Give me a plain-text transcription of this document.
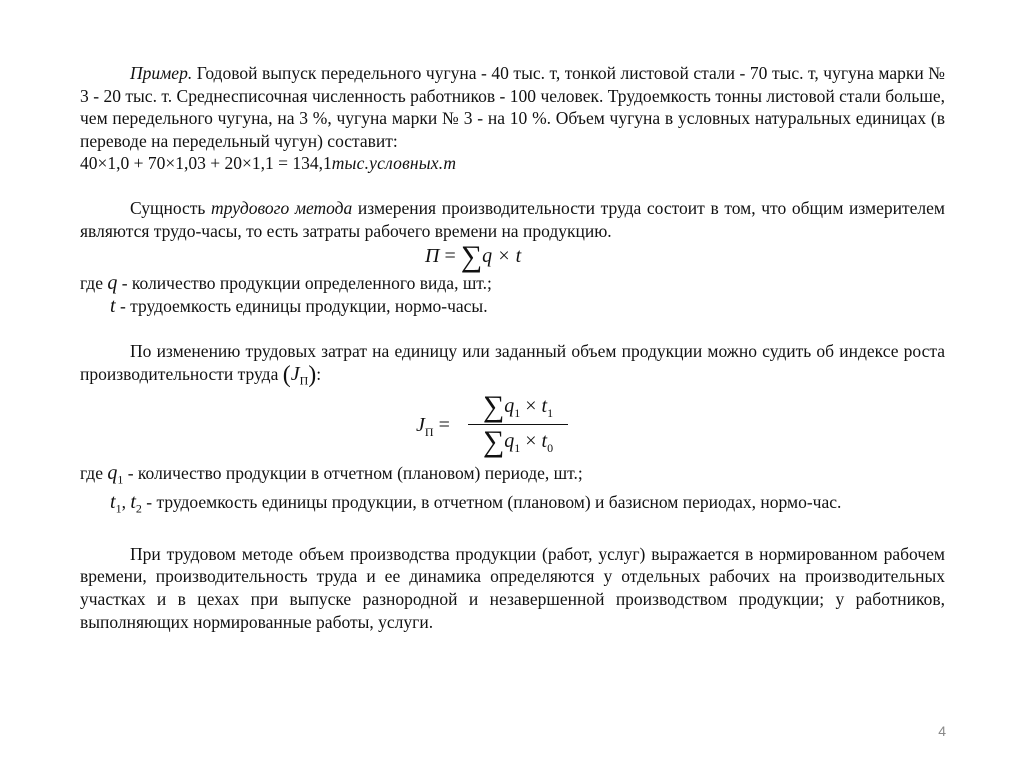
Пример. Годовой выпуск передельного чугуна - 40 тыс. т, тонкой листовой стали - 70 тыс. т, чугуна марки № 3 - 20 тыс. т. Среднесписочная численность работников - 100 человек. Трудоемкость тонны листовой стали больше, чем передельного чугуна, на 3 %, чугуна марки № 3 - на 10 %. Объем чугуна в условных натуральных единицах (в переводе на передельный чугун) составит:

40×1,0 + 70×1,03 + 20×1,1 = 134,1тыс.условных.т

Сущность трудового метода измерения производительности труда состоит в том, что общим измерителем являются трудо-часы, то есть затраты рабочего времени на продукцию.

П = ∑q × t

где q - количество продукции определенного вида, шт.;

t - трудоемкость единицы продукции, нормо-часы.

По изменению трудовых затрат на единицу или заданный объем продукции можно судить об индексе роста производительности труда $(J_П)$:

$J_П$ =
$\sum q_1 \times t_1$
$\sum q_1 \times t_0$

где $q_1$ - количество продукции в отчетном (плановом) периоде, шт.;

$t_1$, $t_2$ - трудоемкость единицы продукции, в отчетном (плановом) и базисном периодах, нормо-час.

При трудовом методе объем производства продукции (работ, услуг) выражается в нормированном рабочем времени, производительность труда и ее динамика определяются у отдельных рабочих на производительных участках и в цехах при выпуске разнородной и незавершенной производством продукции; у работников, выполняющих нормированные работы, услуги.

4
